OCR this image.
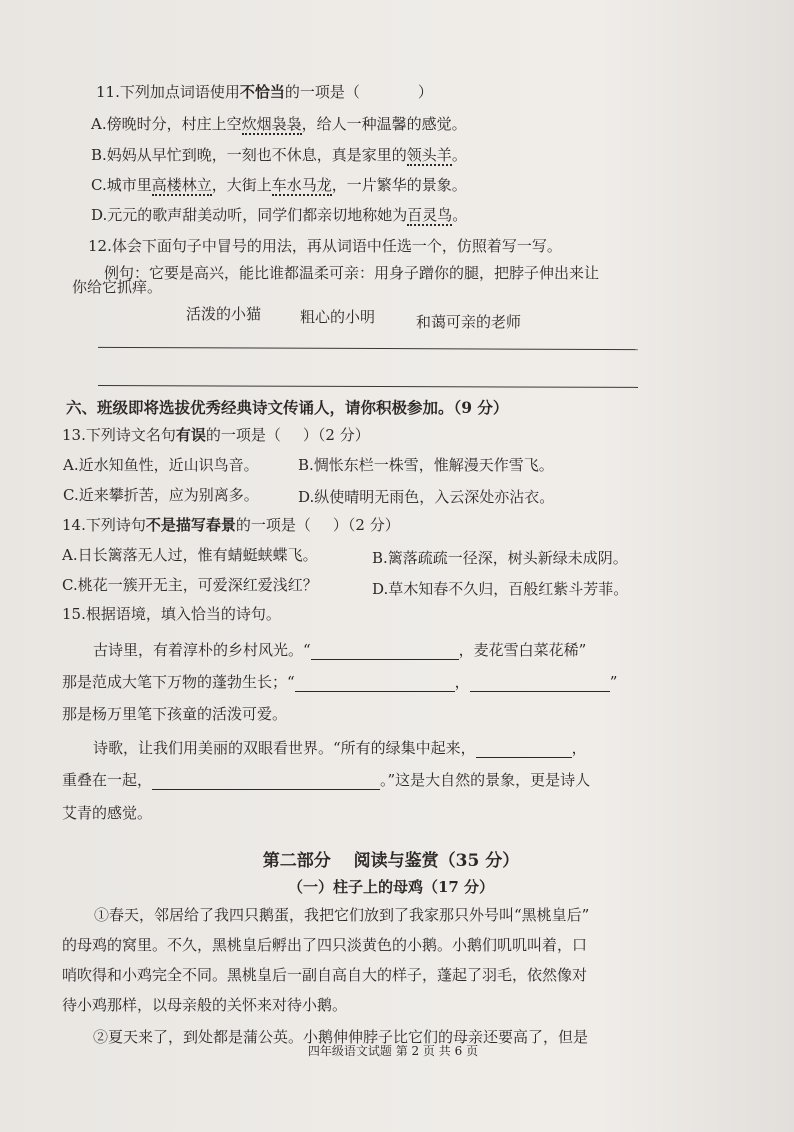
11.下列加点词语使用不恰当的一项是（	）
A.傍晚时分，村庄上空炊烟袅袅，给人一种温馨的感觉。
B.妈妈从早忙到晚，一刻也不休息，真是家里的领头羊。
C.城市里高楼林立，大街上车水马龙，一片繁华的景象。
D.元元的歌声甜美动听，同学们都亲切地称她为百灵鸟。
12.体会下面句子中冒号的用法，再从词语中任选一个，仿照着写一写。
例句：它要是高兴，能比谁都温柔可亲：用身子蹭你的腿，把脖子伸出来让
你给它抓痒。
活泼的小猫	粗心的小明	和蔼可亲的老师
六、班级即将选拔优秀经典诗文传诵人，请你积极参加。（9 分）
13.下列诗文名句有误的一项是（ ）（2 分）
A.近水知鱼性，近山识鸟音。	B.惆怅东栏一株雪，惟解漫天作雪飞。
C.近来攀折苦，应为别离多。	D.纵使晴明无雨色，入云深处亦沾衣。
14.下列诗句不是描写春景的一项是（ ）（2 分）
A.日长篱落无人过，惟有蜻蜓蛱蝶飞。	B.篱落疏疏一径深，树头新绿未成阴。
C.桃花一簇开无主，可爱深红爱浅红？	D.草木知春不久归，百般红紫斗芳菲。
15.根据语境，填入恰当的诗句。
古诗里，有着淳朴的乡村风光。“	，麦花雪白菜花稀”
那是范成大笔下万物的蓬勃生长；“	，	”
那是杨万里笔下孩童的活泼可爱。
诗歌，让我们用美丽的双眼看世界。“所有的绿集中起来，	，
重叠在一起，	。”这是大自然的景象，更是诗人
艾青的感觉。
第二部分　 阅读与鉴赏（35 分）
（一）柱子上的母鸡（17 分）
①春天，邻居给了我四只鹅蛋，我把它们放到了我家那只外号叫“黑桃皇后”
的母鸡的窝里。不久，黑桃皇后孵出了四只淡黄色的小鹅。小鹅们叽叽叫着，口
哨吹得和小鸡完全不同。黑桃皇后一副自高自大的样子，蓬起了羽毛，依然像对
待小鸡那样，以母亲般的关怀来对待小鹅。
②夏天来了，到处都是蒲公英。小鹅伸伸脖子比它们的母亲还要高了，但是
四年级语文试题 第 2 页 共 6 页
